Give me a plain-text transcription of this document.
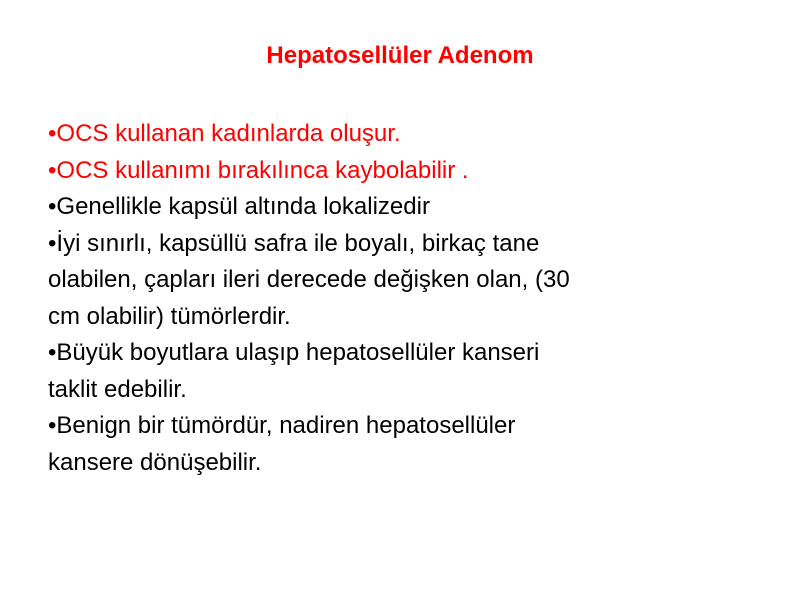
Hepatosellüler Adenom
•OCS kullanan kadınlarda oluşur.
•OCS kullanımı bırakılınca kaybolabilir .
•Genellikle kapsül altında lokalizedir
•İyi sınırlı, kapsüllü safra ile boyalı, birkaç tane
olabilen, çapları ileri derecede değişken olan, (30
cm olabilir) tümörlerdir.
•Büyük boyutlara ulaşıp hepatosellüler kanseri
taklit edebilir.
•Benign bir tümördür, nadiren hepatosellüler
kansere dönüşebilir.
